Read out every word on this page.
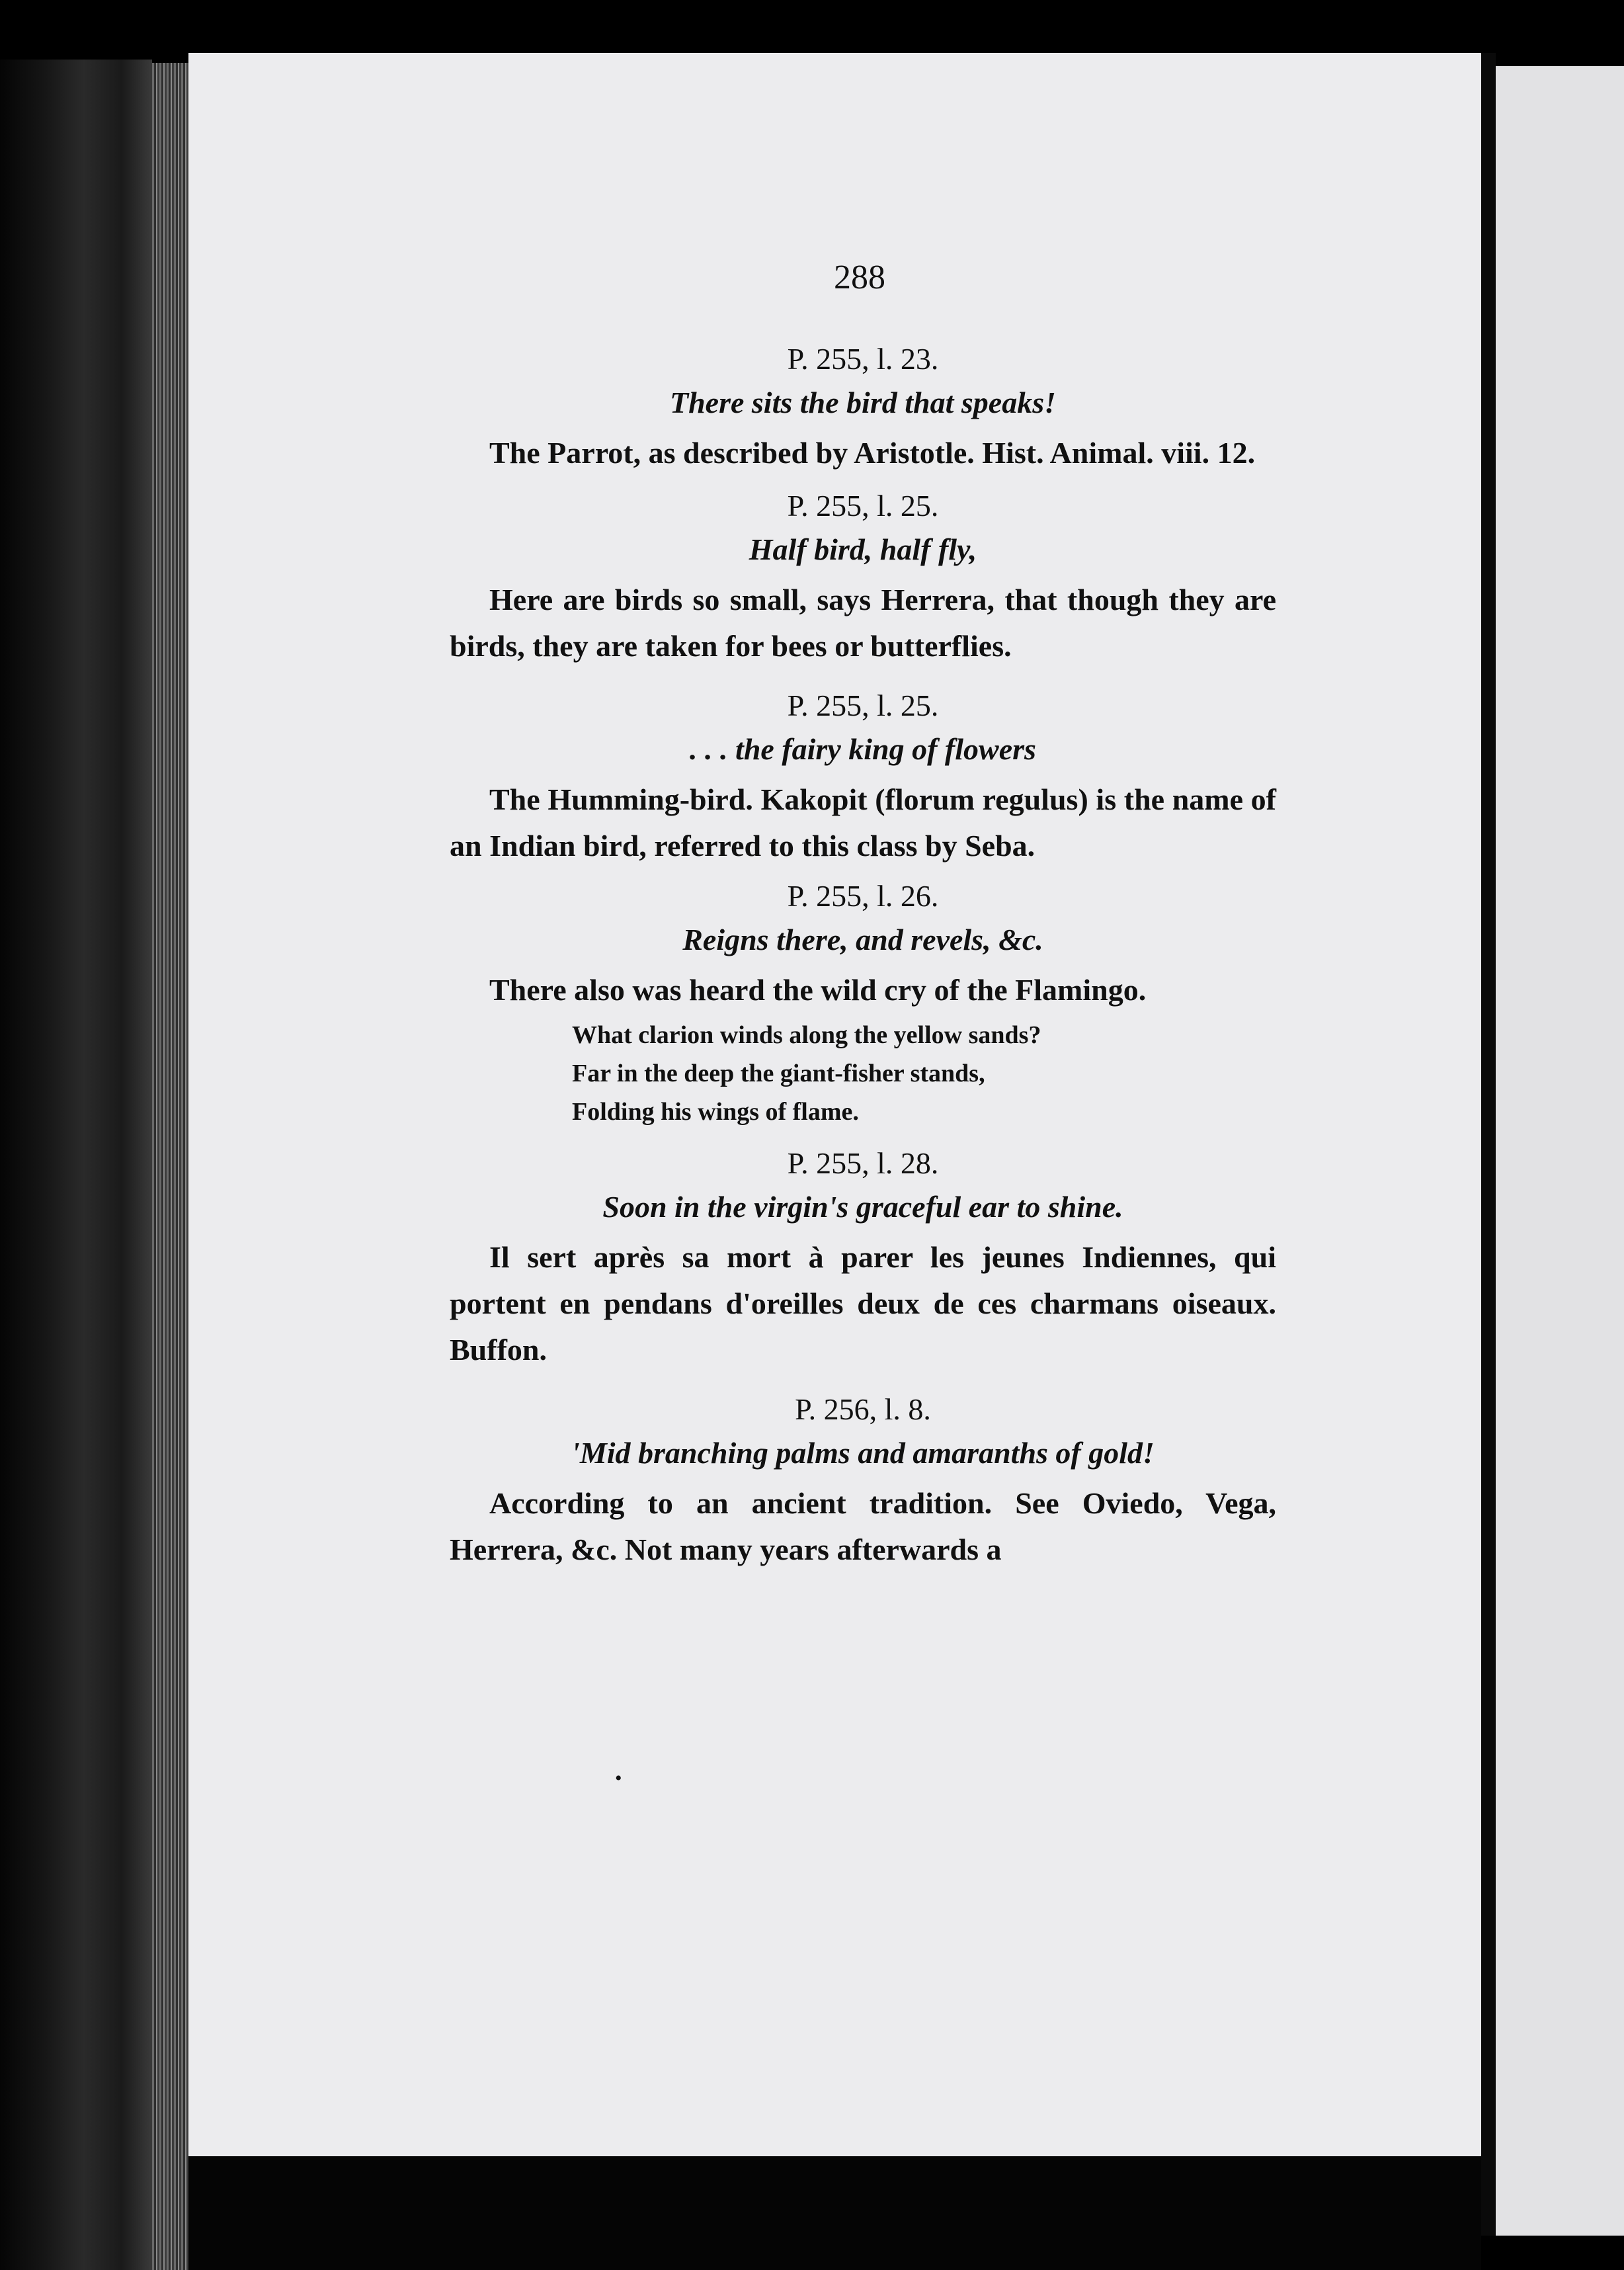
288

P. 255, l. 23.

There sits the bird that speaks!

The Parrot, as described by Aristotle. Hist. Animal. viii. 12.

P. 255, l. 25.

Half bird, half fly,

Here are birds so small, says Herrera, that though they are birds, they are taken for bees or butterflies.

P. 255, l. 25.

. . . the fairy king of flowers

The Humming-bird. Kakopit (florum regulus) is the name of an Indian bird, referred to this class by Seba.

P. 255, l. 26.

Reigns there, and revels, &c.

There also was heard the wild cry of the Flamingo.

What clarion winds along the yellow sands?
Far in the deep the giant-fisher stands,
Folding his wings of flame.

P. 255, l. 28.

Soon in the virgin's graceful ear to shine.

Il sert après sa mort à parer les jeunes Indiennes, qui portent en pendans d'oreilles deux de ces charmans oiseaux. Buffon.

P. 256, l. 8.

'Mid branching palms and amaranths of gold!

According to an ancient tradition. See Oviedo, Vega, Herrera, &c. Not many years afterwards a

•
